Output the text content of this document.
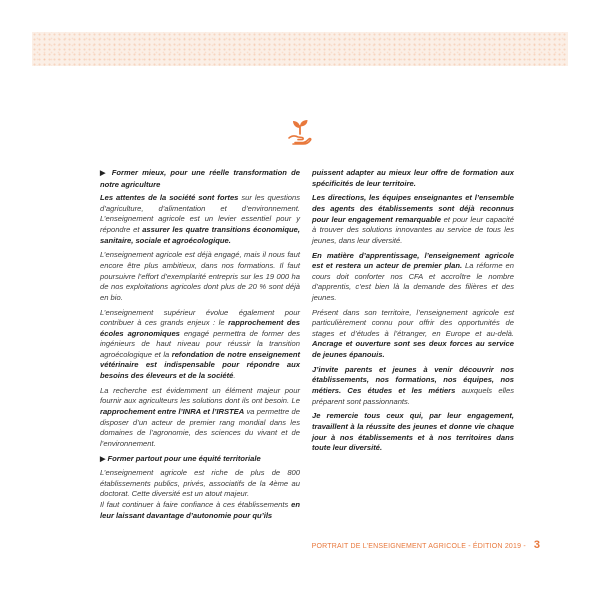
▶ Former mieux, pour une réelle transformation de notre agriculture

Les attentes de la société sont fortes sur les questions d’agriculture, d’alimentation et d’environnement. L’enseignement agricole est un levier essentiel pour y répondre et assurer les quatre transitions économique, sanitaire, sociale et agroécologique.

L’enseignement agricole est déjà engagé, mais il nous faut encore être plus ambitieux, dans nos formations. Il faut poursuivre l’effort d’exemplarité entrepris sur les 19 000 ha de nos exploitations agricoles dont plus de 20 % sont déjà en bio.

L’enseignement supérieur évolue également pour contribuer à ces grands enjeux : le rapprochement des écoles agronomiques engagé permettra de former des ingénieurs de haut niveau pour réussir la transition agroécologique et la refondation de notre enseignement vétérinaire est indispensable pour répondre aux besoins des éleveurs et de la société.

La recherche est évidemment un élément majeur pour fournir aux agriculteurs les solutions dont ils ont besoin. Le rapprochement entre l’INRA et l’IRSTEA va permettre de disposer d’un acteur de premier rang mondial dans les domaines de l’agronomie, des sciences du vivant et de l’environnement.

▶ Former partout pour une équité territoriale

L’enseignement agricole est riche de plus de 800 établissements publics, privés, associatifs de la 4ème au doctorat. Cette diversité est un atout majeur.
Il faut continuer à faire confiance à ces établissements en leur laissant davantage d’autonomie pour qu’ils

puissent adapter au mieux leur offre de formation aux spécificités de leur territoire.

Les directions, les équipes enseignantes et l’ensemble des agents des établissements sont déjà reconnus pour leur engagement remarquable et pour leur capacité à trouver des solutions innovantes au service de tous les jeunes, dans leur diversité.

En matière d’apprentissage, l’enseignement agricole est et restera un acteur de premier plan. La réforme en cours doit conforter nos CFA et accroître le nombre d’apprentis, c’est bien là la demande des filières et des jeunes.

Présent dans son territoire, l’enseignement agricole est particulièrement connu pour offrir des opportunités de stages et d’études à l’étranger, en Europe et au-delà. Ancrage et ouverture sont ses deux forces au service de jeunes épanouis.

J’invite parents et jeunes à venir découvrir nos établissements, nos formations, nos équipes, nos métiers. Ces études et les métiers auxquels elles préparent sont passionnants.

Je remercie tous ceux qui, par leur engagement, travaillent à la réussite des jeunes et donne vie chaque jour à nos établissements et à nos territoires dans toute leur diversité.

PORTRAIT DE L’ENSEIGNEMENT AGRICOLE - ÉDITION 2019 - 3
